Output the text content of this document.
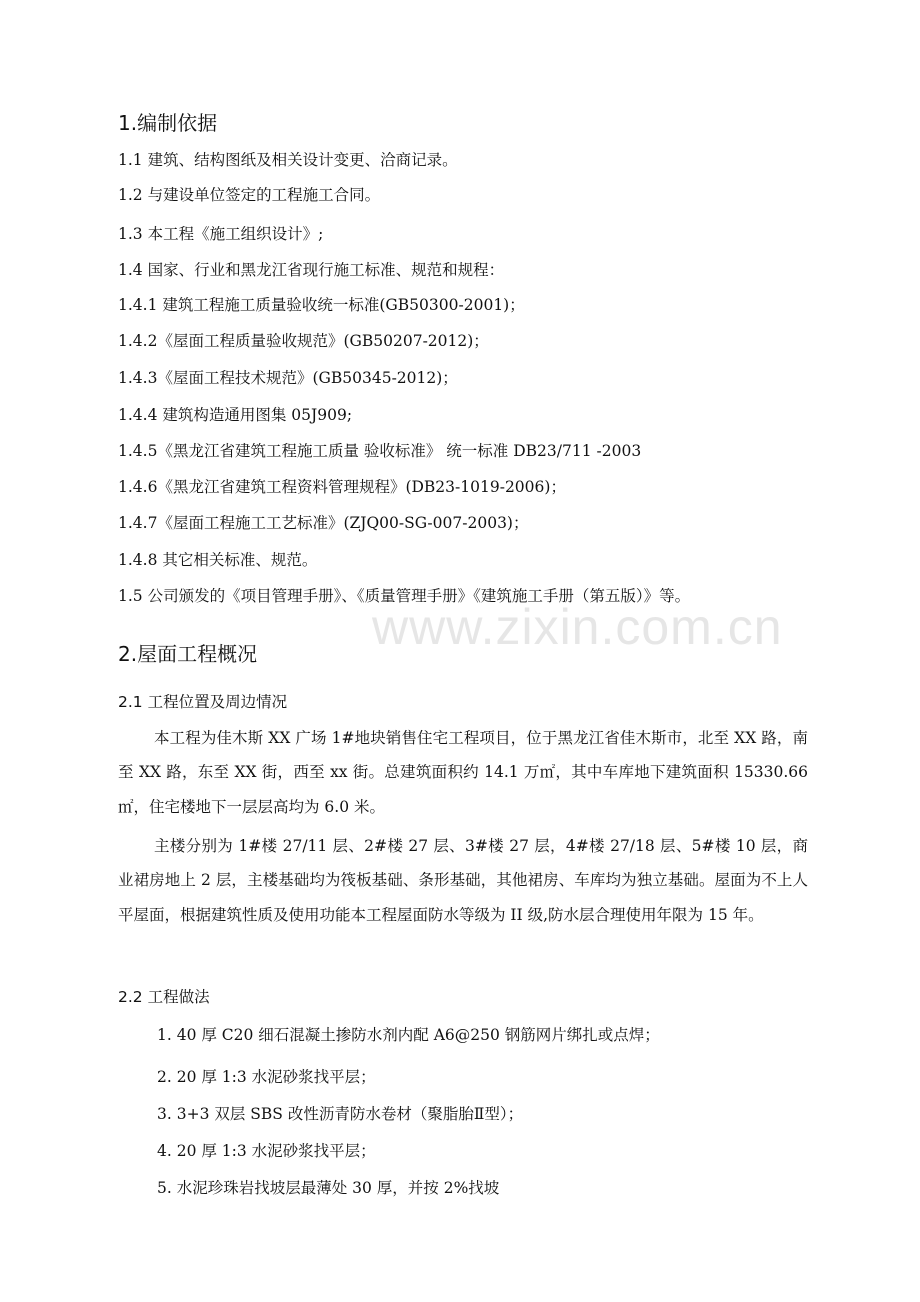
www.zixin.com.cn
1.编制依据
1.1 建筑、结构图纸及相关设计变更、洽商记录。
1.2 与建设单位签定的工程施工合同。
1.3 本工程《施工组织设计》;
1.4 国家、行业和黑龙江省现行施工标准、规范和规程：
1.4.1 建筑工程施工质量验收统一标准(GB50300-2001)；
1.4.2《屋面工程质量验收规范》(GB50207-2012)；
1.4.3《屋面工程技术规范》(GB50345-2012)；
1.4.4 建筑构造通用图集 05J909;
1.4.5《黑龙江省建筑工程施工质量 验收标准》 统一标准 DB23/711 -2003
1.4.6《黑龙江省建筑工程资料管理规程》(DB23-1019-2006)；
1.4.7《屋面工程施工工艺标准》(ZJQ00-SG-007-2003)；
1.4.8 其它相关标准、规范。
1.5 公司颁发的《项目管理手册》、《质量管理手册》《建筑施工手册（第五版）》等。
2.屋面工程概况
2.1 工程位置及周边情况

本工程为佳木斯 XX 广场 1#地块销售住宅工程项目，位于黑龙江省佳木斯市，北至 XX 路，南至 XX 路，东至 XX 街，西至 xx 街。总建筑面积约 14.1 万㎡，其中车库地下建筑面积 15330.66㎡，住宅楼地下一层层高均为 6.0 米。

主楼分别为 1#楼 27/11 层、2#楼 27 层、3#楼 27 层，4#楼 27/18 层、5#楼 10 层，商业裙房地上 2 层，主楼基础均为筏板基础、条形基础，其他裙房、车库均为独立基础。屋面为不上人平屋面，根据建筑性质及使用功能本工程屋面防水等级为 II 级,防水层合理使用年限为 15 年。

2.2 工程做法
1. 40 厚 C20 细石混凝土掺防水剂内配 A6@250 钢筋网片绑扎或点焊；
2. 20 厚 1:3 水泥砂浆找平层；
3. 3+3 双层 SBS 改性沥青防水卷材（聚脂胎Ⅱ型）；
4. 20 厚 1:3 水泥砂浆找平层；
5. 水泥珍珠岩找坡层最薄处 30 厚，并按 2%找坡
